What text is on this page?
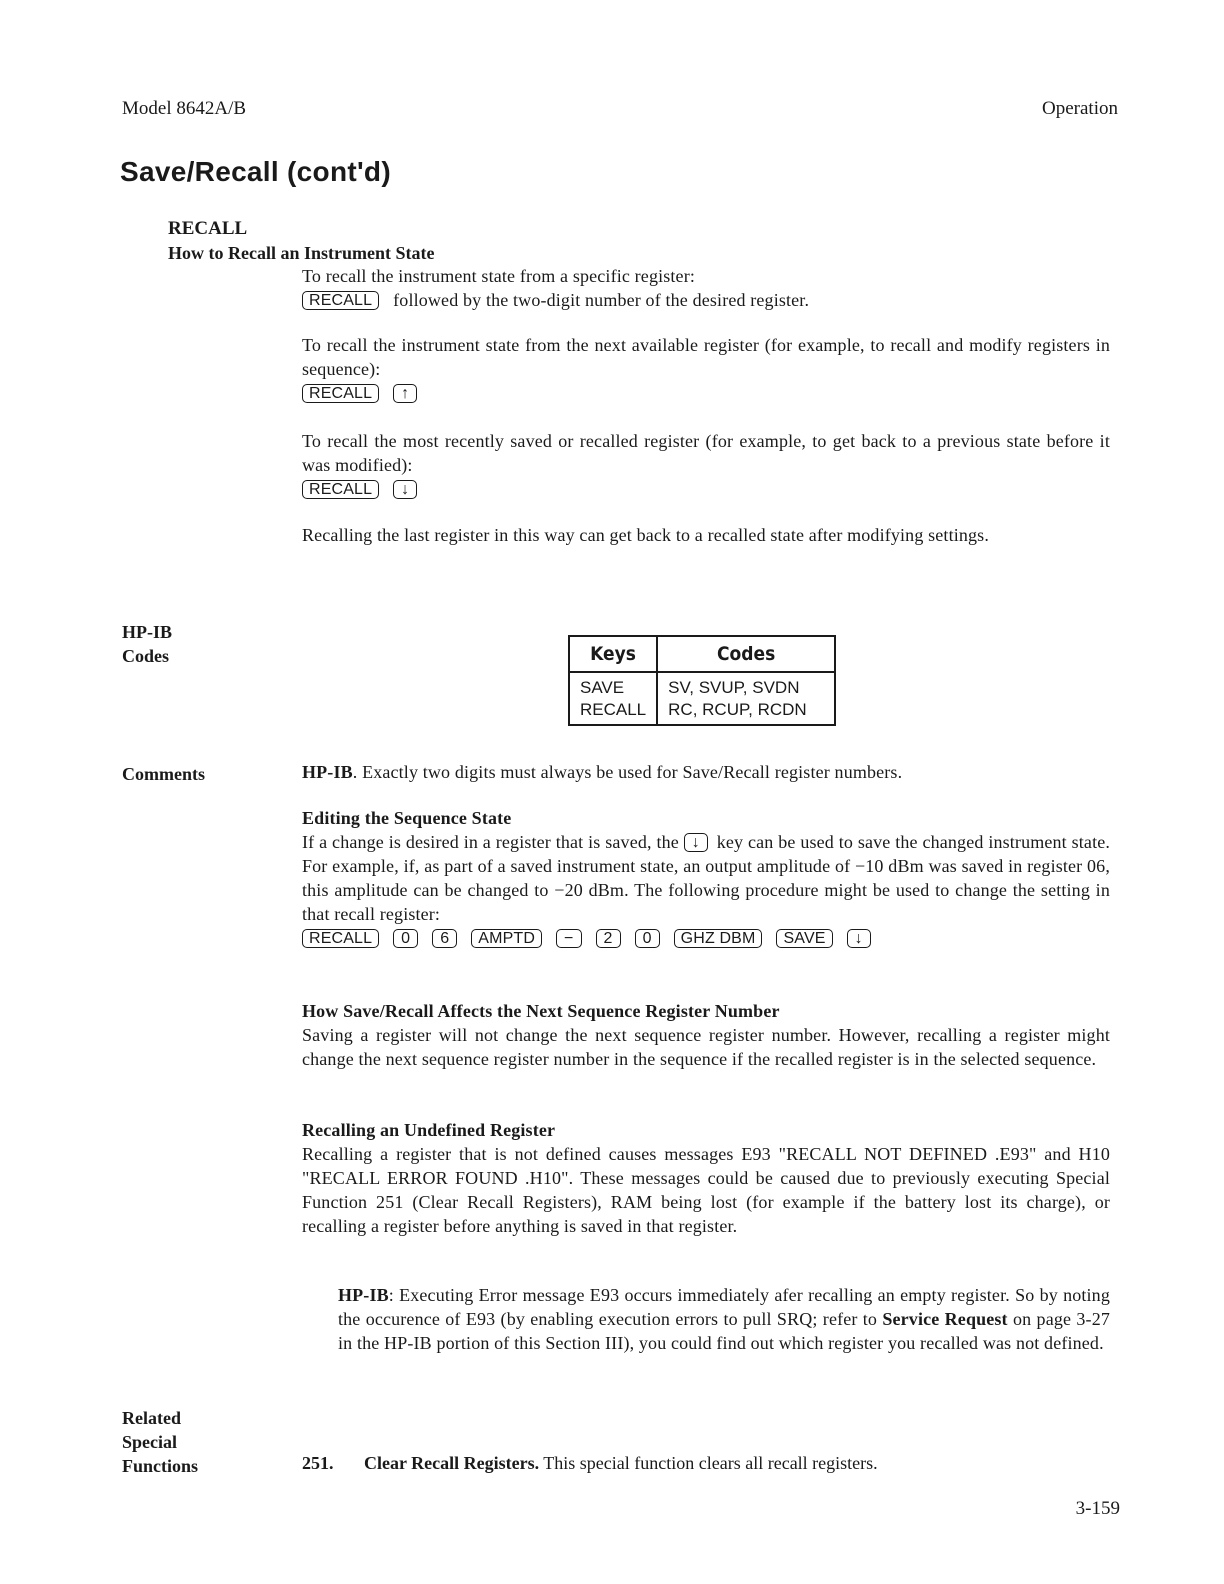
Model 8642A/B	Operation
Save/Recall (cont'd)
RECALL
How to Recall an Instrument State

To recall the instrument state from a specific register:

RECALL followed by the two-digit number of the desired register.

To recall the instrument state from the next available register (for example, to recall and modify registers in sequence):

RECALL ↑

To recall the most recently saved or recalled register (for example, to get back to a previous state before it was modified):

RECALL ↓

Recalling the last register in this way can get back to a recalled state after modifying settings.
HP-IB
Codes	Keys	Codes
SAVE	SV, SVUP, SVDN
RECALL	RC, RCUP, RCDN
Comments	HP-IB. Exactly two digits must always be used for Save/Recall register numbers.

Editing the Sequence State

If a change is desired in a register that is saved, the ↓ key can be used to save the changed instrument state. For example, if, as part of a saved instrument state, an output amplitude of −10 dBm was saved in register 06, this amplitude can be changed to −20 dBm. The following procedure might be used to change the setting in that recall register:

RECALL 0 6 AMPTD − 2 0 GHZ DBM SAVE ↓

How Save/Recall Affects the Next Sequence Register Number

Saving a register will not change the next sequence register number. However, recalling a register might change the next sequence register number in the sequence if the recalled register is in the selected sequence.

Recalling an Undefined Register

Recalling a register that is not defined causes messages E93 "RECALL NOT DEFINED .E93" and H10 "RECALL ERROR FOUND .H10". These messages could be caused due to previously executing Special Function 251 (Clear Recall Registers), RAM being lost (for example if the battery lost its charge), or recalling a register before anything is saved in that register.

HP-IB: Executing Error message E93 occurs immediately afer recalling an empty register. So by noting the occurence of E93 (by enabling execution errors to pull SRQ; refer to Service Request on page 3-27 in the HP-IB portion of this Section III), you could find out which register you recalled was not defined.
Related
Special
Functions	251. Clear Recall Registers. This special function clears all recall registers.
3-159
